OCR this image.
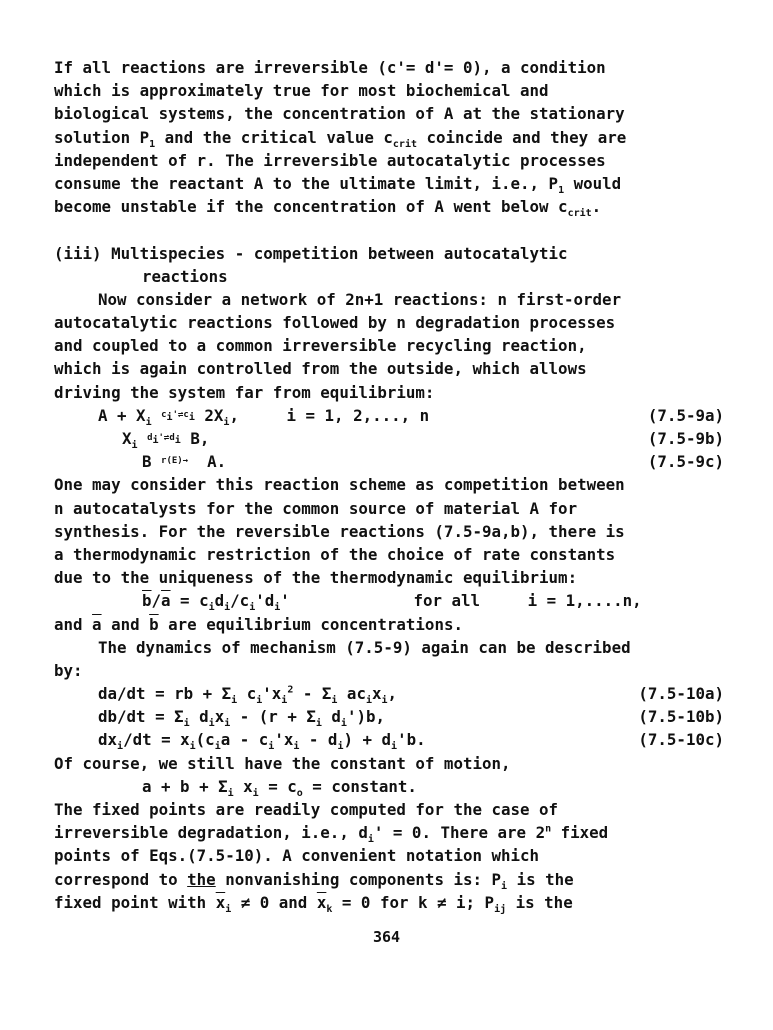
If all reactions are irreversible (c'= d'= 0), a condition
which is approximately true for most biochemical and
biological systems, the concentration of A at the stationary
solution $P_1$ and the critical value $c_{crit}$ coincide and they are
independent of r. The irreversible autocatalytic processes
consume the reactant A to the ultimate limit, i.e., $P_1$ would
become unstable if the concentration of A went below $c_{crit}$.
(iii) Multispecies - competition between autocatalytic
reactions
Now consider a network of 2n+1 reactions: n first-order
autocatalytic reactions followed by n degradation processes
and coupled to a common irreversible recycling reaction,
which is again controlled from the outside, which allows
driving the system far from equilibrium:
$A + X_i$ $^{c_i'\rightleftharpoons c_i}$ $2X_i$,     i = 1, 2,..., n	(7.5-9a)
$X_i$ $^{d_i'\rightleftharpoons d_i}$ B,	(7.5-9b)
B $^{r(E)\to}$  A.	(7.5-9c)
One may consider this reaction scheme as competition between
n autocatalysts for the common source of material A for
synthesis. For the reversible reactions (7.5-9a,b), there is
a thermodynamic restriction of the choice of rate constants
due to the uniqueness of the thermodynamic equilibrium:
$\overline{b}/\overline{a} = c_id_i/c_i'd_i'$             for all     i = 1,....n,
and $\overline{a}$ and $\overline{b}$ are equilibrium concentrations.
The dynamics of mechanism (7.5-9) again can be described
by:
da/dt = rb + $\Sigma_i$ $c_i'x_i^2 - \Sigma_i$ $ac_ix_i$,	(7.5-10a)
$db/dt = \Sigma_i$ $d_ix_i - (r + \Sigma_i$ $d_i')b$,	(7.5-10b)
$dx_i/dt = x_i(c_ia - c_i'x_i - d_i) + d_i'b$.	(7.5-10c)
Of course, we still have the constant of motion,
$a + b + \Sigma_i$ $x_i = c_o$ = constant.
The fixed points are readily computed for the case of
irreversible degradation, i.e., $d_i' = 0$. There are 2$^n$ fixed
points of Eqs.(7.5-10). A convenient notation which
correspond to the nonvanishing components is: $P_i$ is the
fixed point with $\overline{x}_i \ne 0$ and $\overline{x}_k = 0$ for k ≠ i; $P_{ij}$ is the
364
